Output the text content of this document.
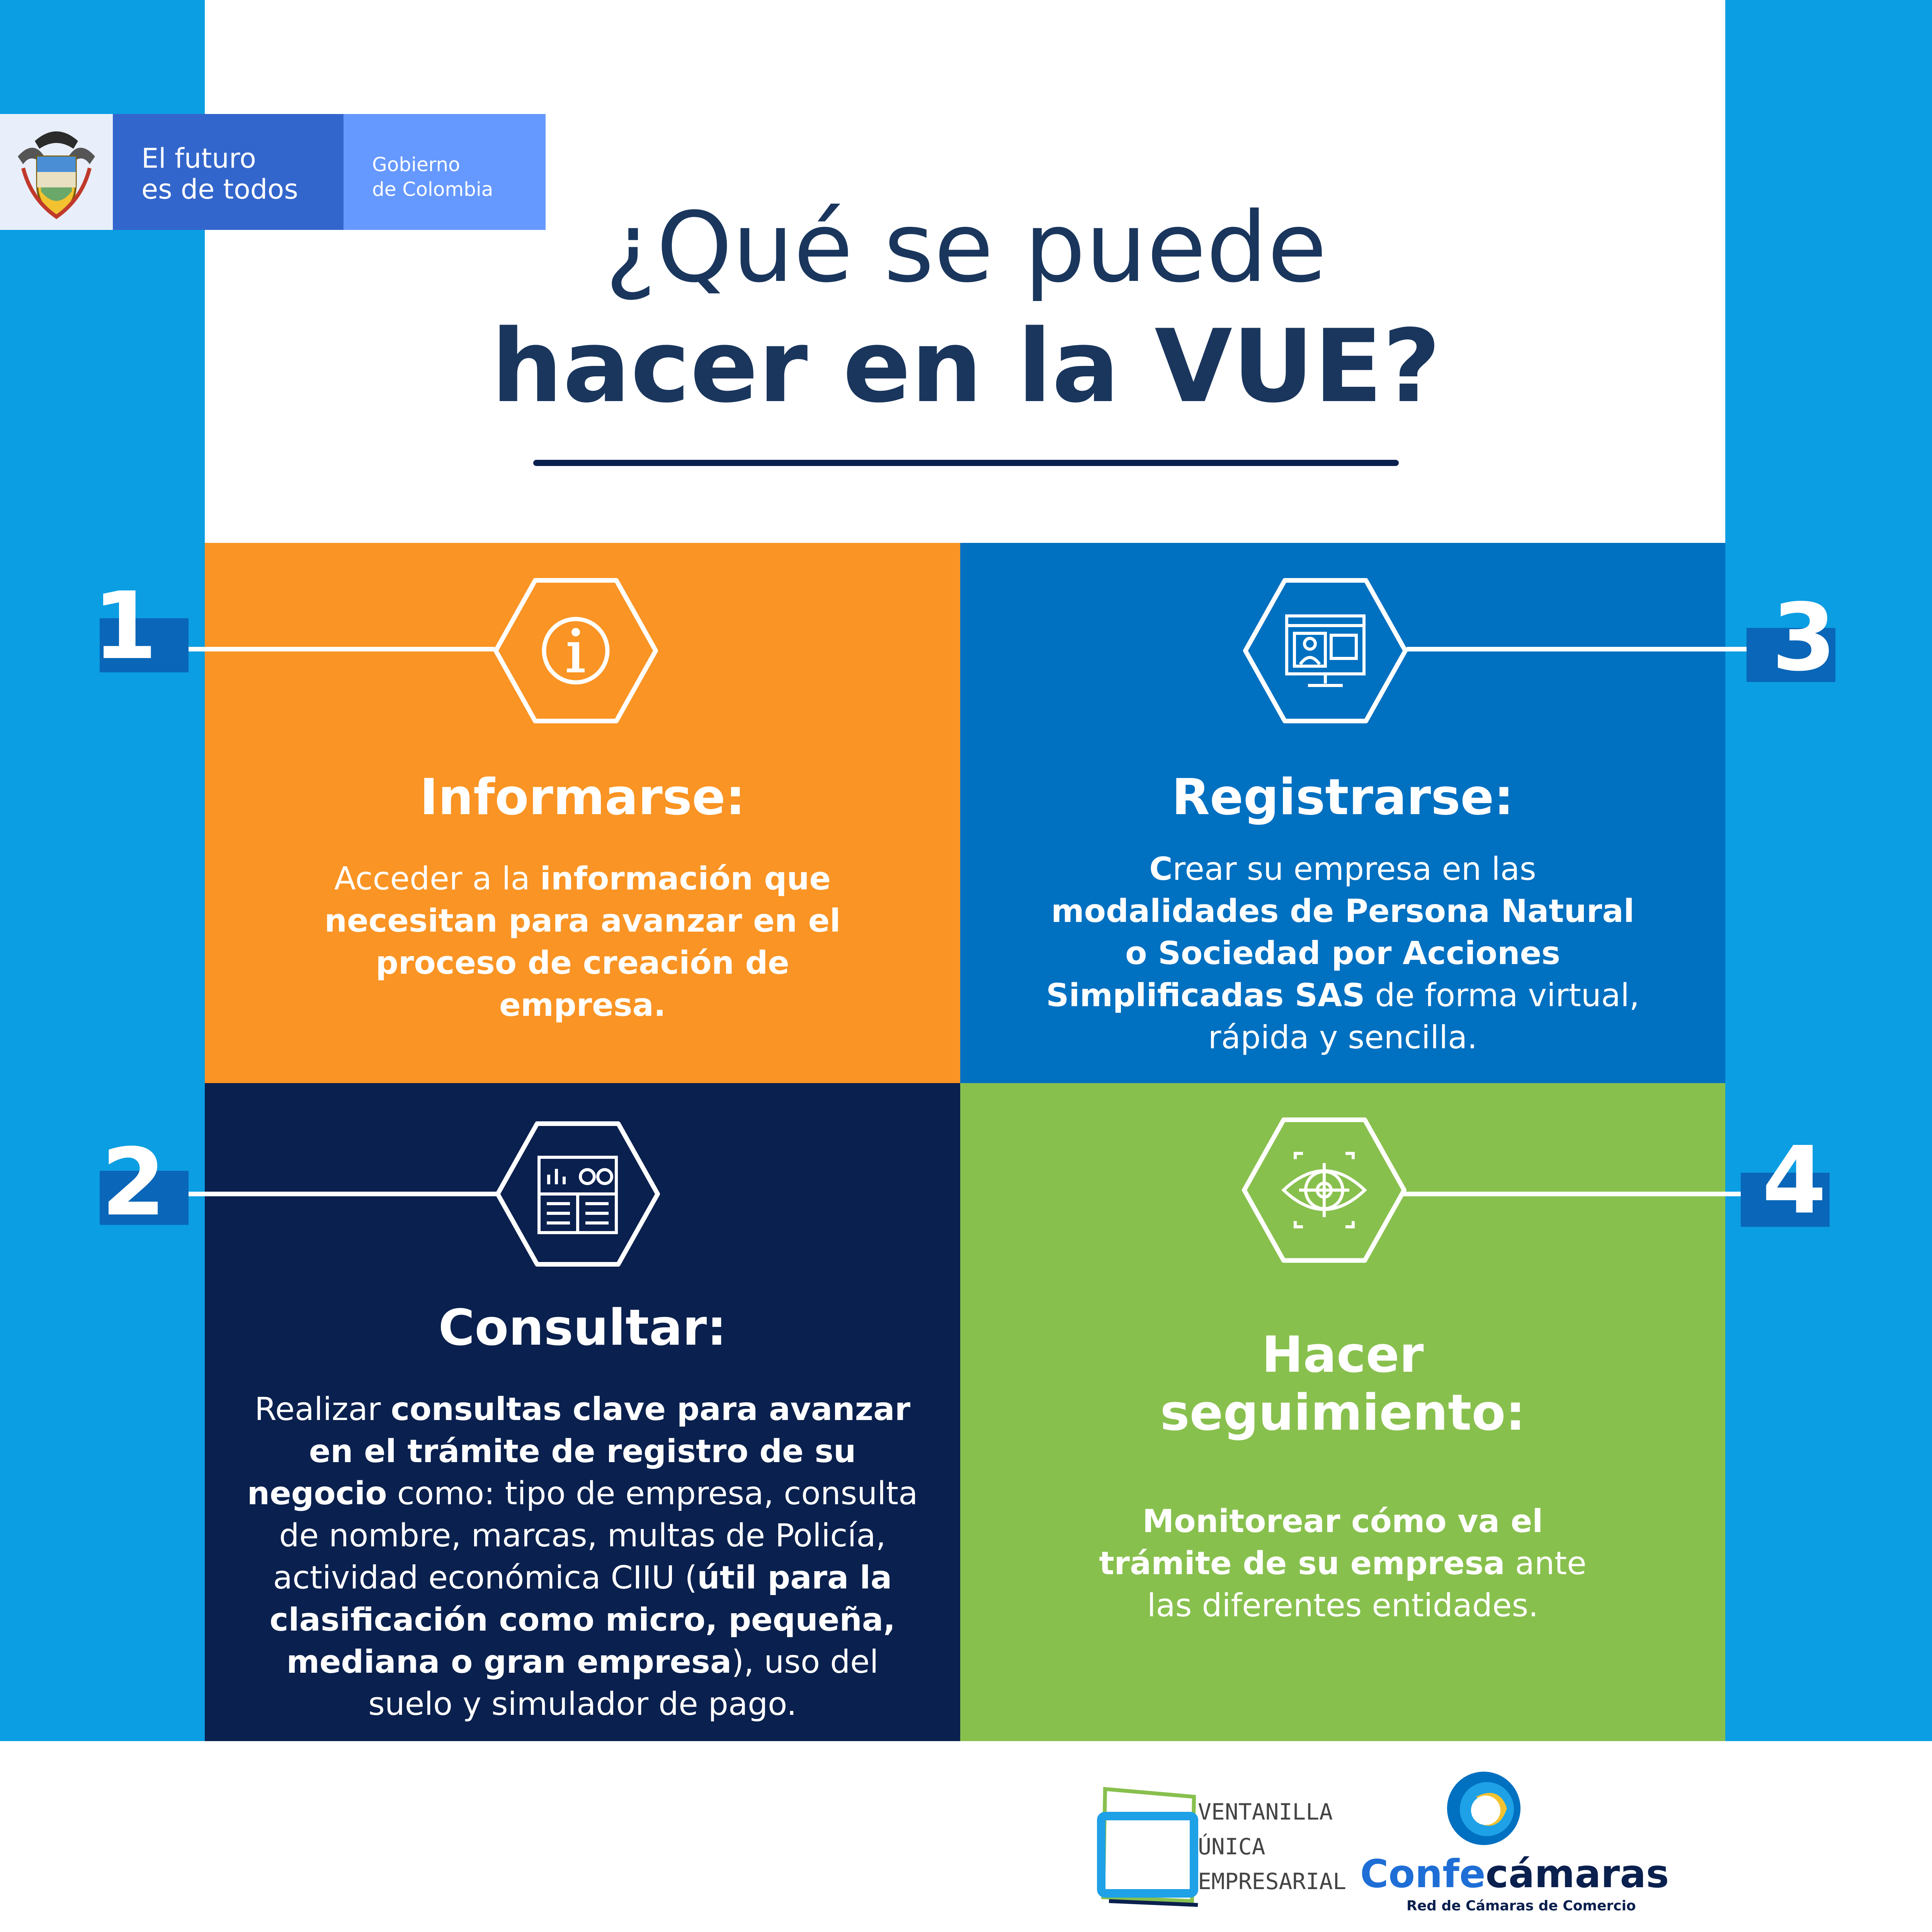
El futuro
es de todos
Gobierno
de Colombia
¿Qué se puede
hacer en la VUE?
Informarse:
Acceder a la información que necesitan para avanzar en el proceso de creación de empresa.
Registrarse:
Crear su empresa en las modalidades de Persona Natural o Sociedad por Acciones Simplificadas SAS de forma virtual, rápida y sencilla.
Consultar:
Realizar consultas clave para avanzar en el trámite de registro de su negocio como: tipo de empresa, consulta de nombre, marcas, multas de Policía, actividad económica CIIU (útil para la clasificación como micro, pequeña, mediana o gran empresa), uso del suelo y simulador de pago.
Hacer
seguimiento:
Monitorear cómo va el trámite de su empresa ante las diferentes entidades.
1	3
2	4
VENTANILLA
ÚNICA
EMPRESARIAL Confecámaras
Red de Cámaras de Comercio
